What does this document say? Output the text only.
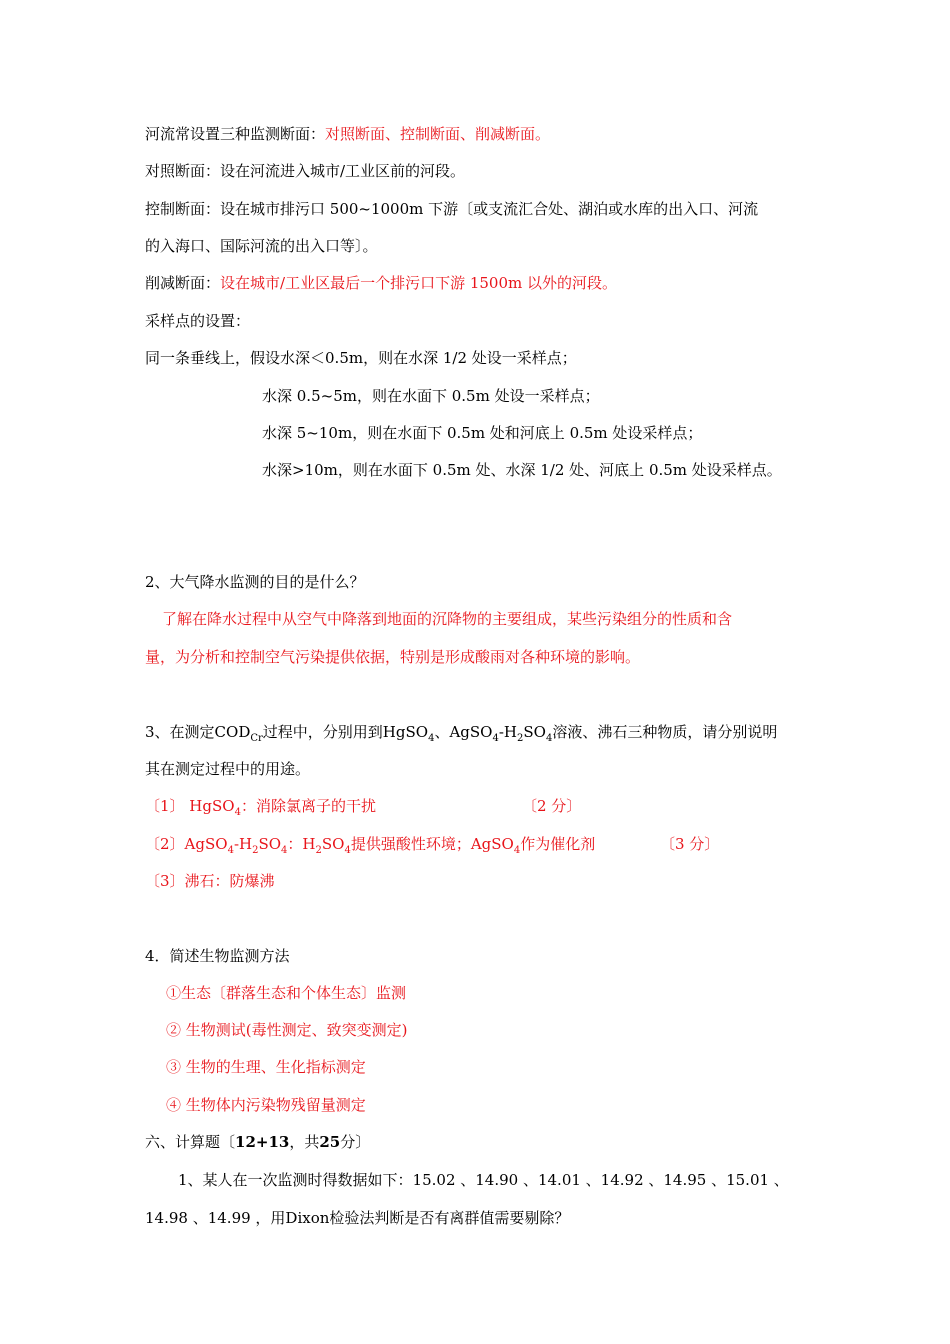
河流常设置三种监测断面：对照断面、控制断面、削减断面。
对照断面：设在河流进入城市/工业区前的河段。
控制断面：设在城市排污口 500~1000m 下游〔或支流汇合处、湖泊或水库的出入口、河流
的入海口、国际河流的出入口等〕。
削减断面：设在城市/工业区最后一个排污口下游 1500m 以外的河段。
采样点的设置：
同一条垂线上，假设水深＜0.5m，则在水深 1/2 处设一采样点；
水深 0.5~5m，则在水面下 0.5m 处设一采样点；
水深 5~10m，则在水面下 0.5m 处和河底上 0.5m 处设采样点；
水深>10m，则在水面下 0.5m 处、水深 1/2 处、河底上 0.5m 处设采样点。
2、大气降水监测的目的是什么？
了解在降水过程中从空气中降落到地面的沉降物的主要组成，某些污染组分的性质和含
量，为分析和控制空气污染提供依据，特别是形成酸雨对各种环境的影响。
3、在测定$COD_{Cr}$过程中，分别用到HgSO$_4$、$AgSO_4-H_2SO_4$溶液、沸石三种物质，请分别说明
其在测定过程中的用途。
〔1〕 HgSO$_4$：消除氯离子的干扰	〔2 分〕
〔2〕$AgSO_4-H_2SO_4$：$H_2SO_4$提供强酸性环境；AgSO$_4$作为催化剂	〔3 分〕
〔3〕沸石：防爆沸
4．简述生物监测方法
①生态〔群落生态和个体生态〕监测
② 生物测试(毒性测定、致突变测定)
③ 生物的生理、生化指标测定
④ 生物体内污染物残留量测定
六、计算题〔12+13，共25分〕
1、某人在一次监测时得数据如下：15.02 、14.90 、14.01 、14.92 、14.95 、15.01 、
14.98 、14.99 ，用Dixon检验法判断是否有离群值需要剔除？
